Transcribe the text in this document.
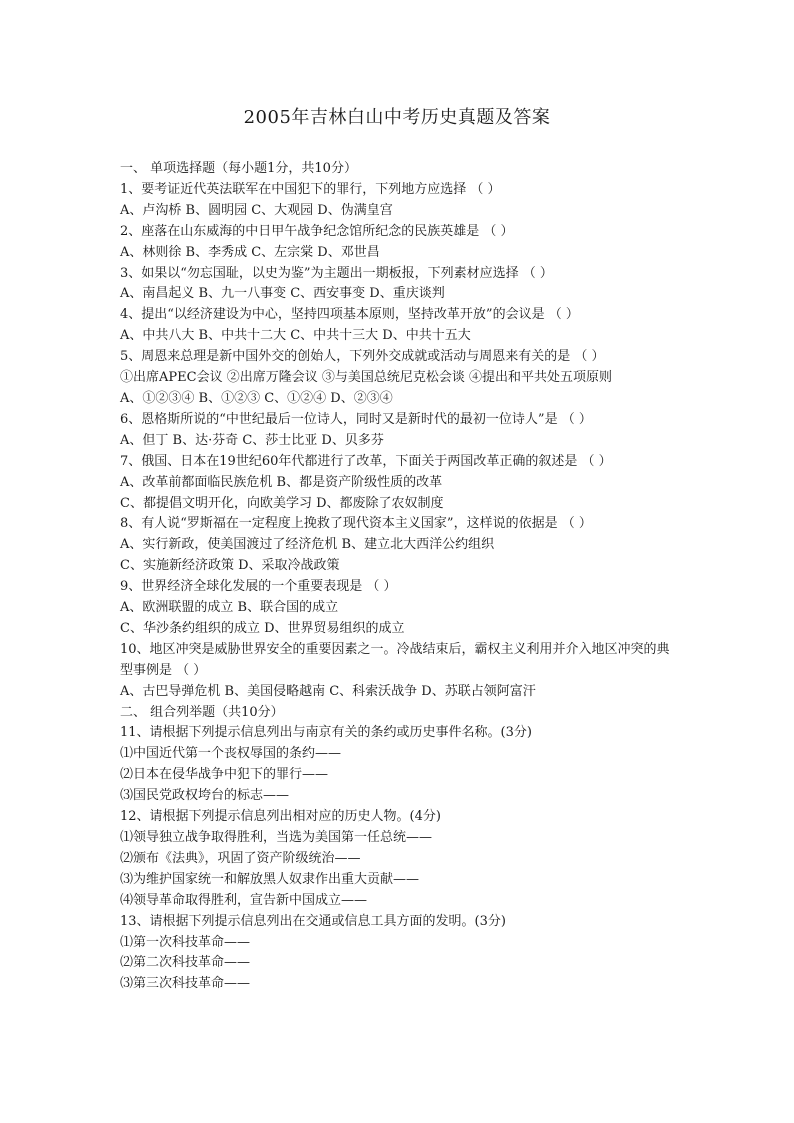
2005年吉林白山中考历史真题及答案
一、 单项选择题（每小题1分，共10分）
1、要考证近代英法联军在中国犯下的罪行，下列地方应选择 （ ）
A、卢沟桥 B、圆明园 C、大观园 D、伪满皇宫
2、座落在山东威海的中日甲午战争纪念馆所纪念的民族英雄是 （ ）
A、林则徐 B、李秀成 C、左宗棠 D、邓世昌
3、如果以“勿忘国耻，以史为鉴”为主题出一期板报，下列素材应选择 （ ）
A、南昌起义 B、九一八事变 C、西安事变 D、重庆谈判
4、提出“以经济建设为中心，坚持四项基本原则，坚持改革开放”的会议是 （ ）
A、中共八大 B、中共十二大 C、中共十三大 D、中共十五大
5、周恩来总理是新中国外交的创始人，下列外交成就或活动与周恩来有关的是 （ ）
①出席APEC会议 ②出席万隆会议 ③与美国总统尼克松会谈 ④提出和平共处五项原则
A、①②③④ B、①②③ C、①②④ D、②③④
6、恩格斯所说的“中世纪最后一位诗人，同时又是新时代的最初一位诗人”是 （ ）
A、但丁 B、达·芬奇 C、莎士比亚 D、贝多芬
7、俄国、日本在19世纪60年代都进行了改革，下面关于两国改革正确的叙述是 （ ）
A、改革前都面临民族危机 B、都是资产阶级性质的改革
C、都提倡文明开化，向欧美学习 D、都废除了农奴制度
8、有人说“罗斯福在一定程度上挽救了现代资本主义国家”，这样说的依据是 （ ）
A、实行新政，使美国渡过了经济危机 B、建立北大西洋公约组织
C、实施新经济政策 D、采取冷战政策
9、世界经济全球化发展的一个重要表现是 （ ）
A、欧洲联盟的成立 B、联合国的成立
C、华沙条约组织的成立 D、世界贸易组织的成立
10、地区冲突是威胁世界安全的重要因素之一。冷战结束后，霸权主义利用并介入地区冲突的典型事例是 （ ）
A、古巴导弹危机 B、美国侵略越南 C、科索沃战争 D、苏联占领阿富汗
二、 组合列举题（共10分）
11、请根据下列提示信息列出与南京有关的条约或历史事件名称。(3分)
⑴中国近代第一个丧权辱国的条约——
⑵日本在侵华战争中犯下的罪行——
⑶国民党政权垮台的标志——
12、请根据下列提示信息列出相对应的历史人物。(4分)
⑴领导独立战争取得胜利，当选为美国第一任总统——
⑵颁布《法典》，巩固了资产阶级统治——
⑶为维护国家统一和解放黑人奴隶作出重大贡献——
⑷领导革命取得胜利，宣告新中国成立——
13、请根据下列提示信息列出在交通或信息工具方面的发明。(3分)
⑴第一次科技革命——
⑵第二次科技革命——
⑶第三次科技革命——
